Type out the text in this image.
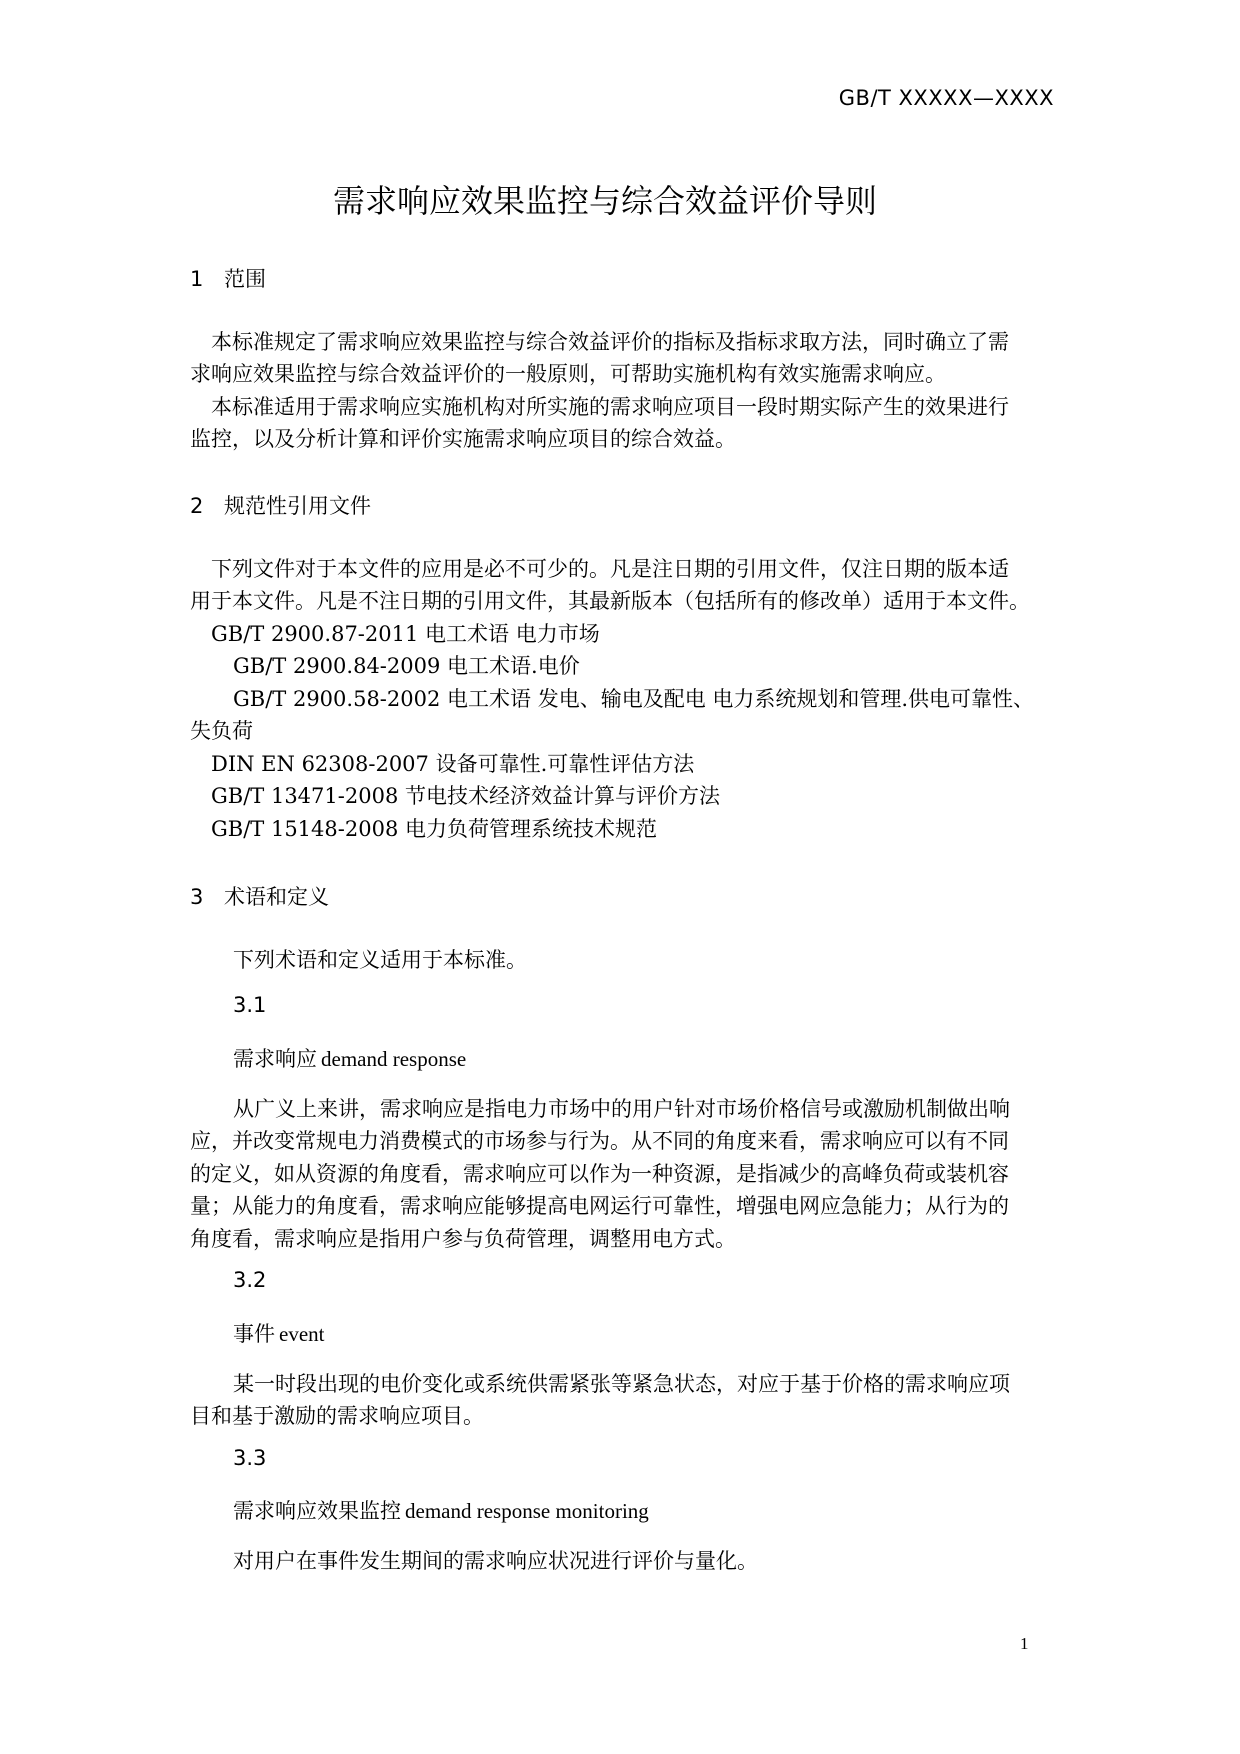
GB/T XXXXX—XXXX
需求响应效果监控与综合效益评价导则
1 范围
本标准规定了需求响应效果监控与综合效益评价的指标及指标求取方法，同时确立了需
求响应效果监控与综合效益评价的一般原则，可帮助实施机构有效实施需求响应。
本标准适用于需求响应实施机构对所实施的需求响应项目一段时期实际产生的效果进行
监控，以及分析计算和评价实施需求响应项目的综合效益。
2 规范性引用文件
下列文件对于本文件的应用是必不可少的。凡是注日期的引用文件，仅注日期的版本适
用于本文件。凡是不注日期的引用文件，其最新版本（包括所有的修改单）适用于本文件。
GB/T 2900.87-2011 电工术语 电力市场
GB/T 2900.84-2009 电工术语.电价
GB/T 2900.58-2002 电工术语 发电、输电及配电 电力系统规划和管理.供电可靠性、
失负荷
DIN EN 62308-2007 设备可靠性.可靠性评估方法
GB/T 13471-2008 节电技术经济效益计算与评价方法
GB/T 15148-2008 电力负荷管理系统技术规范
3 术语和定义
下列术语和定义适用于本标准。
3.1
需求响应 demand response
从广义上来讲，需求响应是指电力市场中的用户针对市场价格信号或激励机制做出响
应，并改变常规电力消费模式的市场参与行为。从不同的角度来看，需求响应可以有不同
的定义，如从资源的角度看，需求响应可以作为一种资源，是指减少的高峰负荷或装机容
量；从能力的角度看，需求响应能够提高电网运行可靠性，增强电网应急能力；从行为的
角度看，需求响应是指用户参与负荷管理，调整用电方式。
3.2
事件 event
某一时段出现的电价变化或系统供需紧张等紧急状态，对应于基于价格的需求响应项
目和基于激励的需求响应项目。
3.3
需求响应效果监控 demand response monitoring
对用户在事件发生期间的需求响应状况进行评价与量化。
1
